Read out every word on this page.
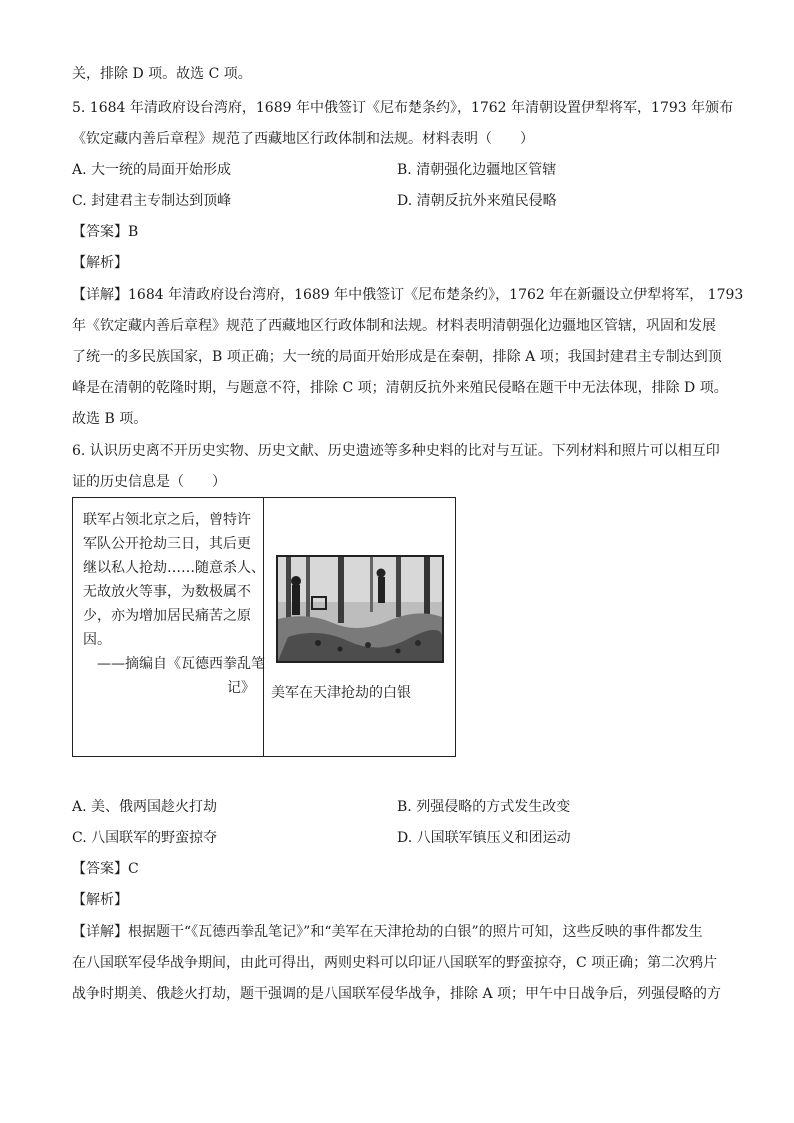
关，排除 D 项。故选 C 项。
5. 1684 年清政府设台湾府，1689 年中俄签订《尼布楚条约》，1762 年清朝设置伊犁将军，1793 年颁布
《钦定藏内善后章程》规范了西藏地区行政体制和法规。材料表明（　　）
A. 大一统的局面开始形成	B. 清朝强化边疆地区管辖
C. 封建君主专制达到顶峰	D. 清朝反抗外来殖民侵略
【答案】B
【解析】
【详解】1684 年清政府设台湾府，1689 年中俄签订《尼布楚条约》，1762 年在新疆设立伊犁将军， 1793
年《钦定藏内善后章程》规范了西藏地区行政体制和法规。材料表明清朝强化边疆地区管辖，巩固和发展
了统一的多民族国家，B 项正确；大一统的局面开始形成是在秦朝，排除 A 项；我国封建君主专制达到顶
峰是在清朝的乾隆时期，与题意不符，排除 C 项；清朝反抗外来殖民侵略在题干中无法体现，排除 D 项。
故选 B 项。
6. 认识历史离不开历史实物、历史文献、历史遗迹等多种史料的比对与互证。下列材料和照片可以相互印
证的历史信息是（　　）
联军占领北京之后，曾特许
军队公开抢劫三日，其后更
继以私人抢劫……随意杀人、
无故放火等事，为数极属不
少，亦为增加居民痛苦之原
因。
　——摘编自《瓦德西拳乱笔
记》 美军在天津抢劫的白银
A. 美、俄两国趁火打劫	B. 列强侵略的方式发生改变
C. 八国联军的野蛮掠夺	D. 八国联军镇压义和团运动
【答案】C
【解析】
【详解】根据题干“《瓦德西拳乱笔记》”和“美军在天津抢劫的白银”的照片可知，这些反映的事件都发生
在八国联军侵华战争期间，由此可得出，两则史料可以印证八国联军的野蛮掠夺，C 项正确；第二次鸦片
战争时期美、俄趁火打劫，题干强调的是八国联军侵华战争，排除 A 项；甲午中日战争后，列强侵略的方
